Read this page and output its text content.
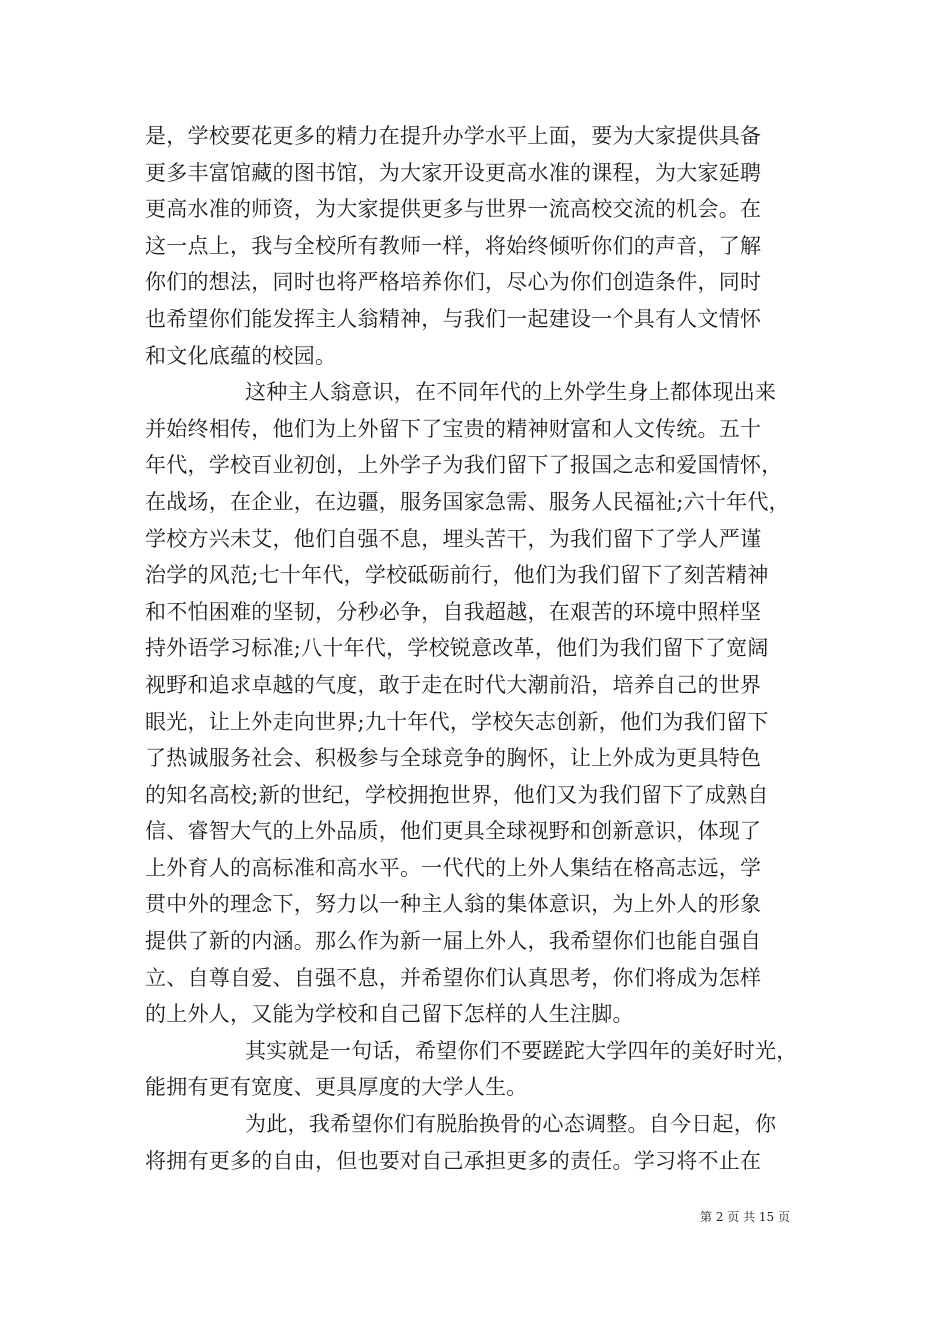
是，学校要花更多的精力在提升办学水平上面，要为大家提供具备
更多丰富馆藏的图书馆，为大家开设更高水准的课程，为大家延聘
更高水准的师资，为大家提供更多与世界一流高校交流的机会。在
这一点上，我与全校所有教师一样，将始终倾听你们的声音，了解
你们的想法，同时也将严格培养你们，尽心为你们创造条件，同时
也希望你们能发挥主人翁精神，与我们一起建设一个具有人文情怀
和文化底蕴的校园。

这种主人翁意识，在不同年代的上外学生身上都体现出来
并始终相传，他们为上外留下了宝贵的精神财富和人文传统。五十
年代，学校百业初创，上外学子为我们留下了报国之志和爱国情怀，
在战场，在企业，在边疆，服务国家急需、服务人民福祉;六十年代，
学校方兴未艾，他们自强不息，埋头苦干，为我们留下了学人严谨
治学的风范;七十年代，学校砥砺前行，他们为我们留下了刻苦精神
和不怕困难的坚韧，分秒必争，自我超越，在艰苦的环境中照样坚
持外语学习标准;八十年代，学校锐意改革，他们为我们留下了宽阔
视野和追求卓越的气度，敢于走在时代大潮前沿，培养自己的世界
眼光，让上外走向世界;九十年代，学校矢志创新，他们为我们留下
了热诚服务社会、积极参与全球竞争的胸怀，让上外成为更具特色
的知名高校;新的世纪，学校拥抱世界，他们又为我们留下了成熟自
信、睿智大气的上外品质，他们更具全球视野和创新意识，体现了
上外育人的高标准和高水平。一代代的上外人集结在格高志远，学
贯中外的理念下，努力以一种主人翁的集体意识，为上外人的形象
提供了新的内涵。那么作为新一届上外人，我希望你们也能自强自
立、自尊自爱、自强不息，并希望你们认真思考，你们将成为怎样
的上外人，又能为学校和自己留下怎样的人生注脚。

其实就是一句话，希望你们不要蹉跎大学四年的美好时光，
能拥有更有宽度、更具厚度的大学人生。

为此，我希望你们有脱胎换骨的心态调整。自今日起，你
将拥有更多的自由，但也要对自己承担更多的责任。学习将不止在

第 2 页 共 15 页
